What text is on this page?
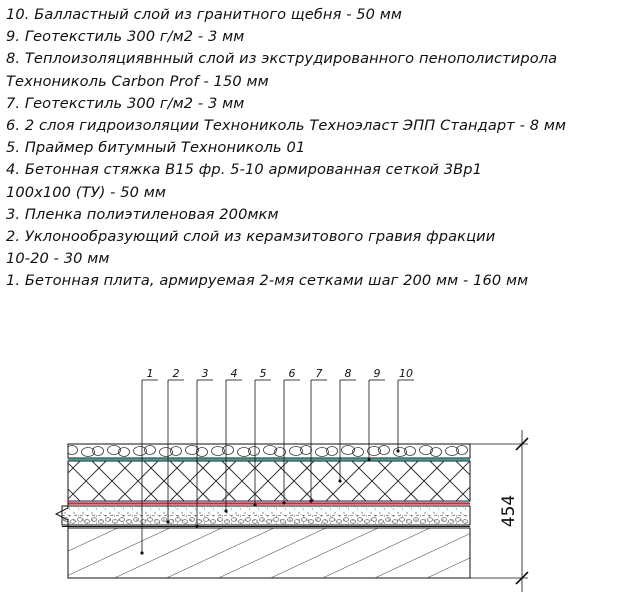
10. Балластный слой из гранитного щебня - 50 мм
9. Геотекстиль 300 г/м2 - 3 мм
8. Теплоизоляциявнный слой из экструдированного пенополистирола
Технониколь Carbon Prof - 150 мм
7. Геотекстиль 300 г/м2 - 3 мм
6. 2 слоя гидроизоляции Технониколь Техноэласт ЭПП Стандарт - 8 мм
5. Праймер битумный Технониколь 01
4. Бетонная стяжка В15 фр. 5-10 армированная сеткой 3Вр1
100х100 (ТУ) - 50 мм
3. Пленка полиэтиленовая 200мкм
2. Уклонообразующий слой из керамзитового гравия фракции
10-20 - 30 мм
1. Бетонная плита, армируемая 2-мя сетками шаг 200 мм - 160 мм
1 2 3 4 5 6 7 8 9 10
454
